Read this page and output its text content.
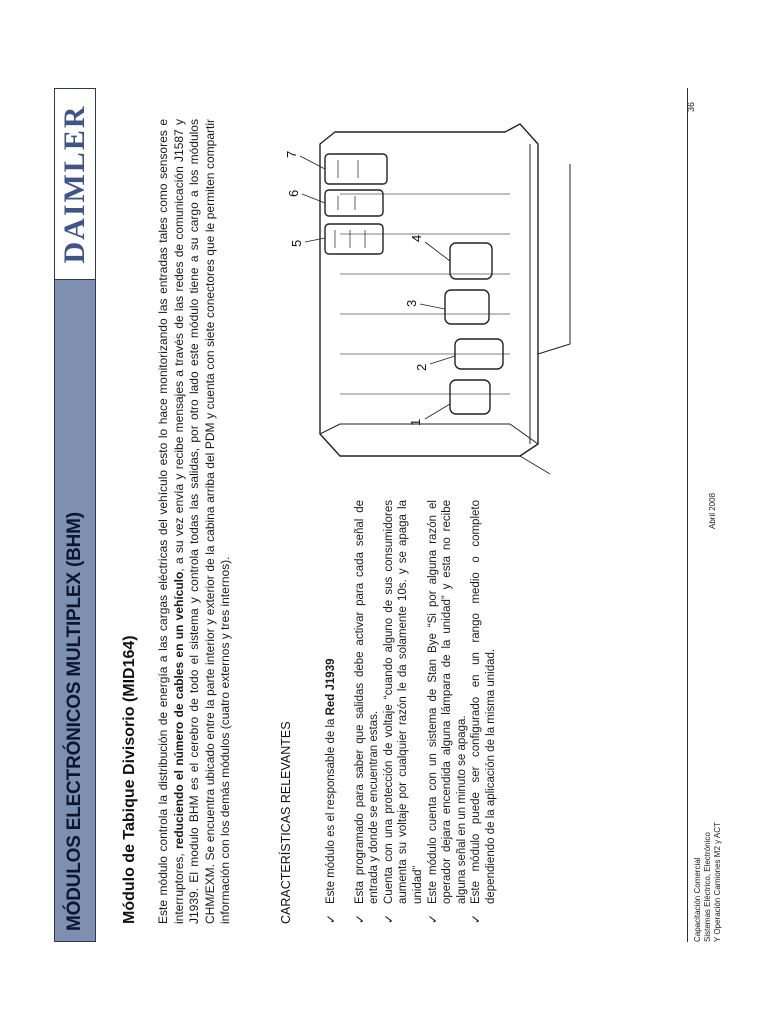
MÓDULOS ELECTRÓNICOS MULTIPLEX (BHM)
DAIMLER
Módulo de Tabique Divisorio (MID164) Este módulo controla la distribución de energía a las cargas eléctricas del vehículo esto lo hace monitorizando las entradas tales como sensores e interruptores, reduciendo el número de cables en un vehículo, a su vez envía y recibe mensajes a través de las redes de comunicación J1587 y J1939. El modulo BHM es el cerebro de todo el sistema y controla todas las salidas, por otro lado este módulo tiene a su cargo a los módulos CHM/EXM. Se encuentra ubicado entre la parte interior y exterior de la cabina arriba del PDM y cuenta con siete conectores que le permiten compartir información con los demás módulos (cuatro externos y tres internos).	CARACTERÍSTICAS RELEVANTES	✓
Este módulo es el responsable de la Red J1939
✓
Esta programado para saber que salidas debe activar para cada señal de entrada y donde se encuentran estas.
✓
Cuenta con una protección de voltaje “cuando alguno de sus consumidores aumenta su voltaje por cualquier razón le da solamente 10s. y se apaga la unidad”
✓
Este módulo cuenta con un sistema de Stan Bye “Si por alguna razón el operador dejara encendida alguna lámpara de la unidad” y esta no recibe alguna señal en un minuto se apaga.
✓
Este módulo puede ser configurado en un rango medio o completo dependiendo de la aplicación de la misma unidad.
1
2
3
4
5
6
7
Capacitación Comercial Sistemas Eléctrico, Electrónico Y Operación Camiones M2 y ACT
Abril 2008
36
